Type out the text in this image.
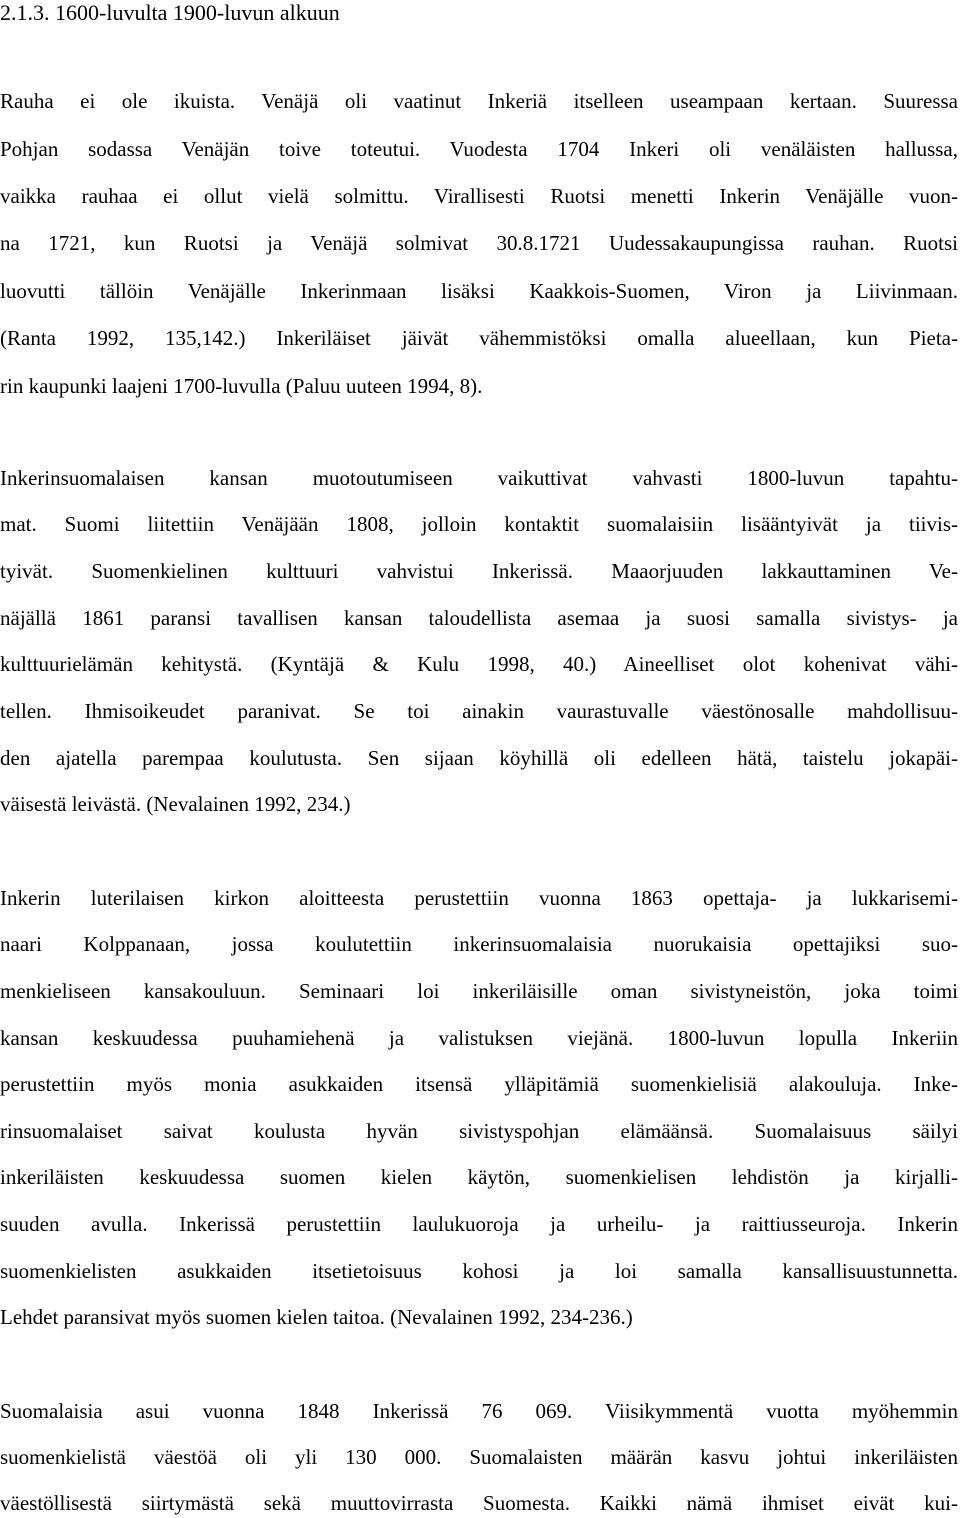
2.1.3. 1600-luvulta 1900-luvun alkuun
Rauha ei ole ikuista. Venäjä oli vaatinut Inkeriä itselleen useampaan kertaan. Suuressa
Pohjan sodassa Venäjän toive toteutui. Vuodesta 1704 Inkeri oli venäläisten hallussa,
vaikka rauhaa ei ollut vielä solmittu. Virallisesti Ruotsi menetti Inkerin Venäjälle vuon-
na 1721, kun Ruotsi ja Venäjä solmivat 30.8.1721 Uudessakaupungissa rauhan. Ruotsi
luovutti tällöin Venäjälle Inkerinmaan lisäksi Kaakkois-Suomen, Viron ja Liivinmaan.
(Ranta 1992, 135,142.) Inkeriläiset jäivät vähemmistöksi omalla alueellaan, kun Pieta-
rin kaupunki laajeni 1700-luvulla (Paluu uuteen 1994, 8).
Inkerinsuomalaisen kansan muotoutumiseen vaikuttivat vahvasti 1800-luvun tapahtu-
mat. Suomi liitettiin Venäjään 1808, jolloin kontaktit suomalaisiin lisääntyivät ja tiivis-
tyivät. Suomenkielinen kulttuuri vahvistui Inkerissä. Maaorjuuden lakkauttaminen Ve-
näjällä 1861 paransi tavallisen kansan taloudellista asemaa ja suosi samalla sivistys- ja
kulttuurielämän kehitystä. (Kyntäjä & Kulu 1998, 40.) Aineelliset olot kohenivat vähi-
tellen. Ihmisoikeudet paranivat. Se toi ainakin vaurastuvalle väestönosalle mahdollisuu-
den ajatella parempaa koulutusta. Sen sijaan köyhillä oli edelleen hätä, taistelu jokapäi-
väisestä leivästä. (Nevalainen 1992, 234.)
Inkerin luterilaisen kirkon aloitteesta perustettiin vuonna 1863 opettaja- ja lukkarisemi-
naari Kolppanaan, jossa koulutettiin inkerinsuomalaisia nuorukaisia opettajiksi suo-
menkieliseen kansakouluun. Seminaari loi inkeriläisille oman sivistyneistön, joka toimi
kansan keskuudessa puuhamiehenä ja valistuksen viejänä. 1800-luvun lopulla Inkeriin
perustettiin myös monia asukkaiden itsensä ylläpitämiä suomenkielisiä alakouluja. Inke-
rinsuomalaiset saivat koulusta hyvän sivistyspohjan elämäänsä. Suomalaisuus säilyi
inkeriläisten keskuudessa suomen kielen käytön, suomenkielisen lehdistön ja kirjalli-
suuden avulla. Inkerissä perustettiin laulukuoroja ja urheilu- ja raittiusseuroja. Inkerin
suomenkielisten asukkaiden itsetietoisuus kohosi ja loi samalla kansallisuustunnetta.
Lehdet paransivat myös suomen kielen taitoa. (Nevalainen 1992, 234-236.)
Suomalaisia asui vuonna 1848 Inkerissä 76 069. Viisikymmentä vuotta myöhemmin
suomenkielistä väestöä oli yli 130 000. Suomalaisten määrän kasvu johtui inkeriläisten
väestöllisestä siirtymästä sekä muuttovirrasta Suomesta. Kaikki nämä ihmiset eivät kui-
